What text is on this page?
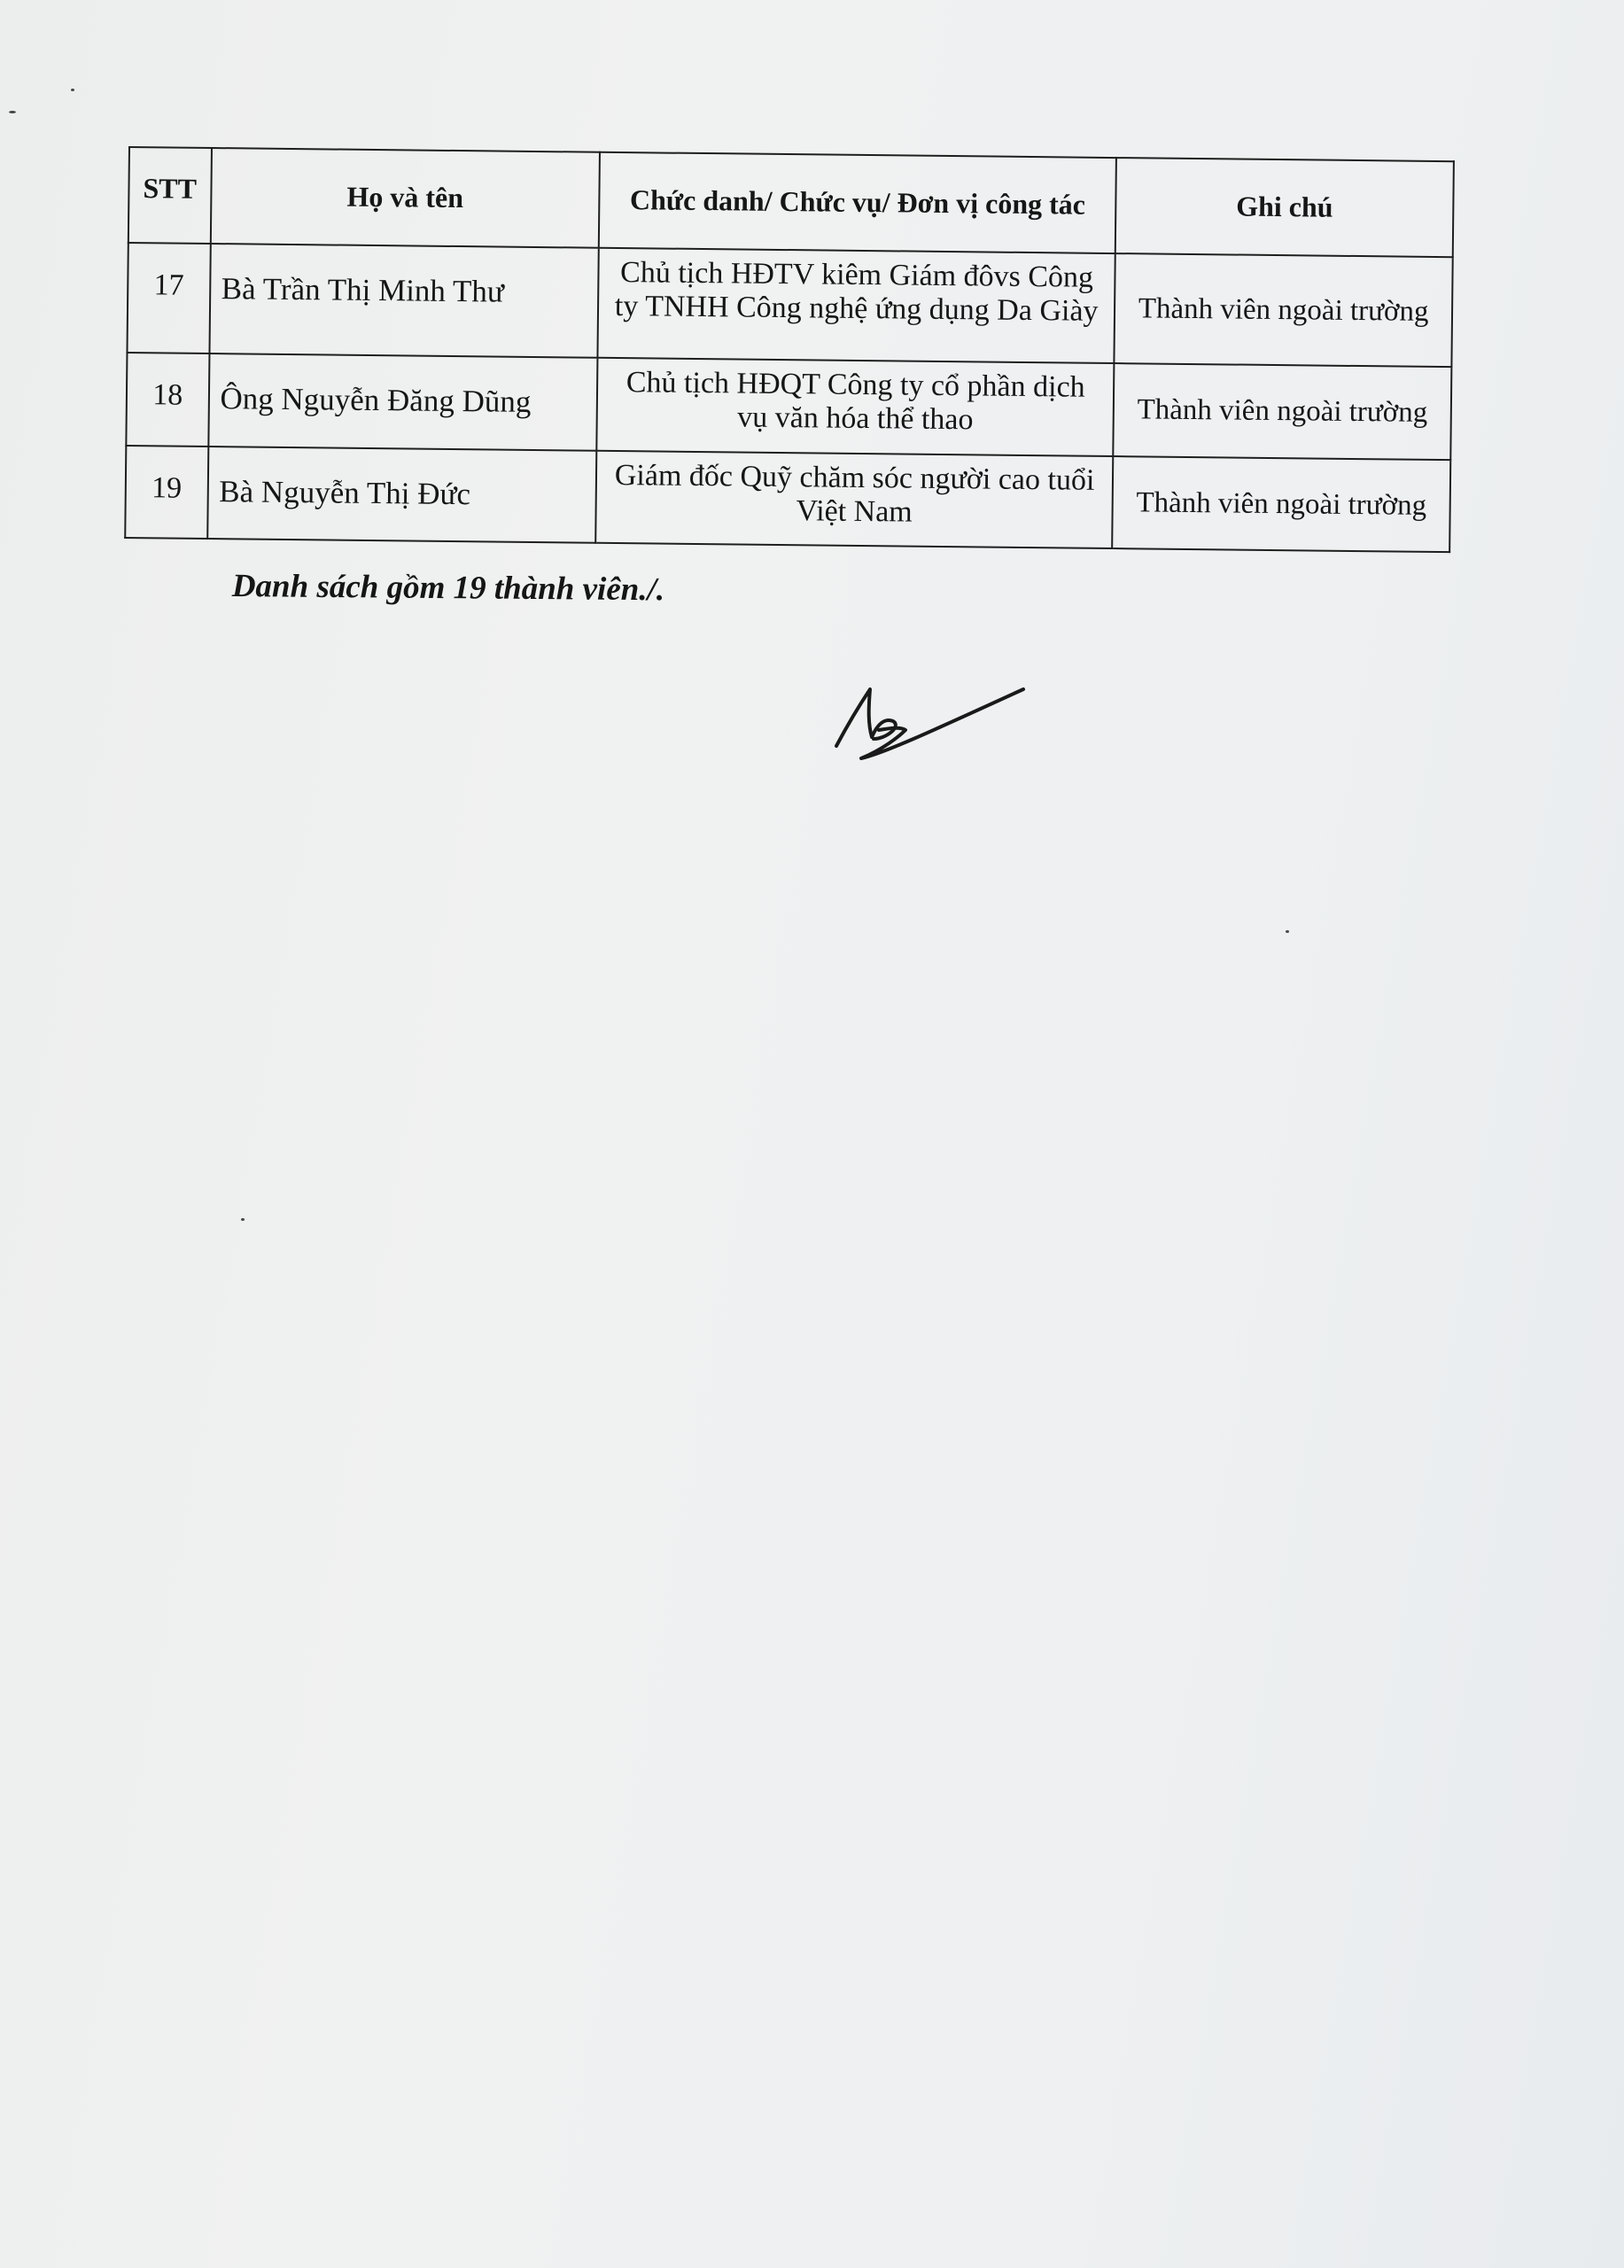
STT	Họ và tên	Chức danh/ Chức vụ/ Đơn vị công tác	Ghi chú
17	Bà Trần Thị Minh Thư	Chủ tịch HĐTV kiêm Giám đôvs Công ty TNHH Công nghệ ứng dụng Da Giày	Thành viên ngoài trường
18	Ông Nguyễn Đăng Dũng	Chủ tịch HĐQT Công ty cổ phần dịch vụ văn hóa thể thao	Thành viên ngoài trường
19	Bà Nguyễn Thị Đức	Giám đốc Quỹ chăm sóc người cao tuổi Việt Nam	Thành viên ngoài trường
Danh sách gồm 19 thành viên./.
